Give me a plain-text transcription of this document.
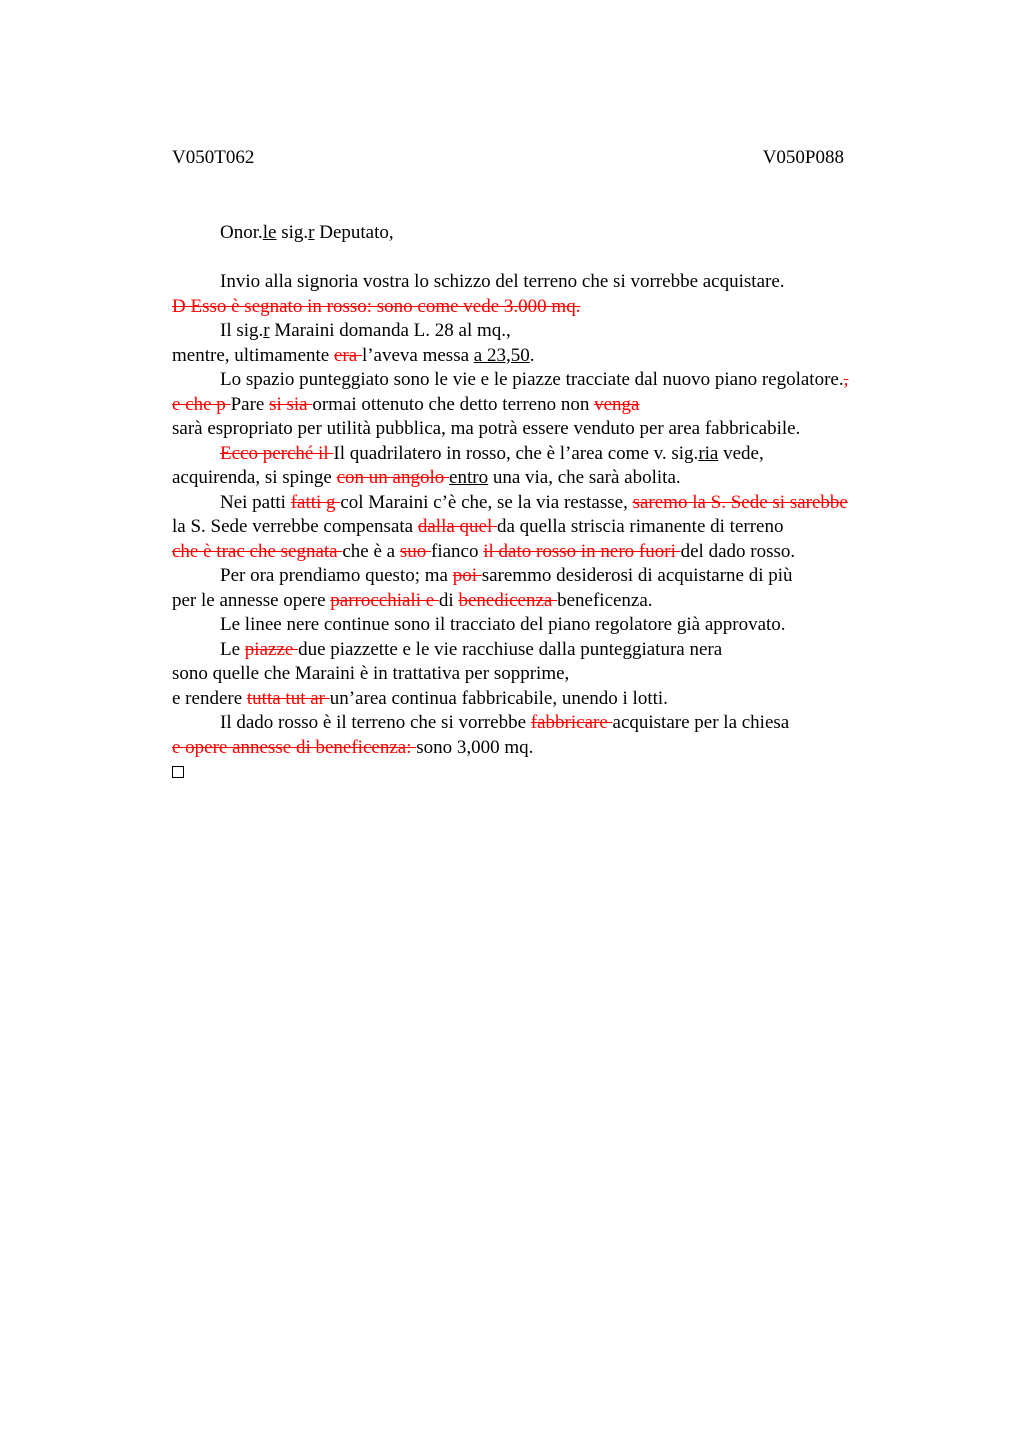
V050T062	V050P088
Onor.le sig.r Deputato,
Invio alla signoria vostra lo schizzo del terreno che si vorrebbe acquistare.
D Esso è segnato in rosso: sono come vede 3.000 mq.
Il sig.r Maraini domanda L. 28 al mq.,
mentre, ultimamente era l’aveva messa a 23,50.
Lo spazio punteggiato sono le vie e le piazze tracciate dal nuovo piano regolatore.,
e che p Pare si sia ormai ottenuto che detto terreno non venga
sarà espropriato per utilità pubblica, ma potrà essere venduto per area fabbricabile.
Ecco perché il Il quadrilatero in rosso, che è l’area come v. sig.ria vede,
acquirenda, si spinge con un angolo entro una via, che sarà abolita.
Nei patti fatti g col Maraini c’è che, se la via restasse, saremo la S. Sede si sarebbe
la S. Sede verrebbe compensata dalla quel da quella striscia rimanente di terreno
che è trac che segnata che è a suo fianco il dato rosso in nero fuori del dado rosso.
Per ora prendiamo questo; ma poi saremmo desiderosi di acquistarne di più
per le annesse opere parrocchiali e di benedicenza beneficenza.
Le linee nere continue sono il tracciato del piano regolatore già approvato.
Le piazze due piazzette e le vie racchiuse dalla punteggiatura nera
sono quelle che Maraini è in trattativa per sopprime,
e rendere tutta tut ar un’area continua fabbricabile, unendo i lotti.
Il dado rosso è il terreno che si vorrebbe fabbricare acquistare per la chiesa
e opere annesse di beneficenza: sono 3,000 mq.
